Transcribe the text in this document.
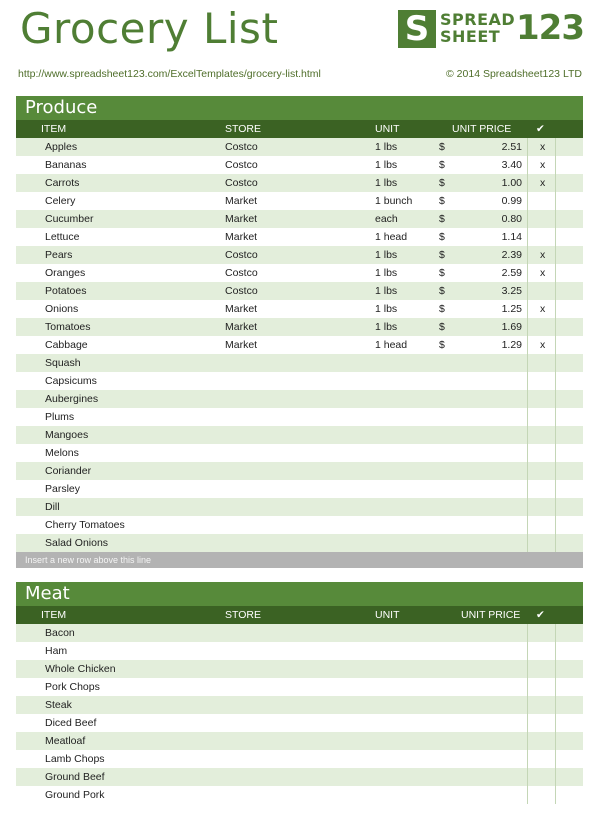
Grocery List	S SPREAD
SHEET 123
http://www.spreadsheet123.com/ExcelTemplates/grocery-list.html	© 2014 Spreadsheet123 LTD
Produce
ITEM	STORE	UNIT	UNIT PRICE ✔
Apples	Costco	1 lbs	$	2.51 x
Bananas	Costco	1 lbs	$	3.40 x
Carrots	Costco	1 lbs	$	1.00 x
Celery	Market	1 bunch	$	0.99
Cucumber	Market	each	$	0.80
Lettuce	Market	1 head	$	1.14
Pears	Costco	1 lbs	$	2.39 x
Oranges	Costco	1 lbs	$	2.59 x
Potatoes	Costco	1 lbs	$	3.25
Onions	Market	1 lbs	$	1.25 x
Tomatoes	Market	1 lbs	$	1.69
Cabbage	Market	1 head	$	1.29 x
Squash
Capsicums
Aubergines
Plums
Mangoes
Melons
Coriander
Parsley
Dill
Cherry Tomatoes
Salad Onions
Insert a new row above this line
Meat
ITEM	STORE	UNIT	UNIT PRICE ✔
Bacon
Ham
Whole Chicken
Pork Chops
Steak
Diced Beef
Meatloaf
Lamb Chops
Ground Beef
Ground Pork
